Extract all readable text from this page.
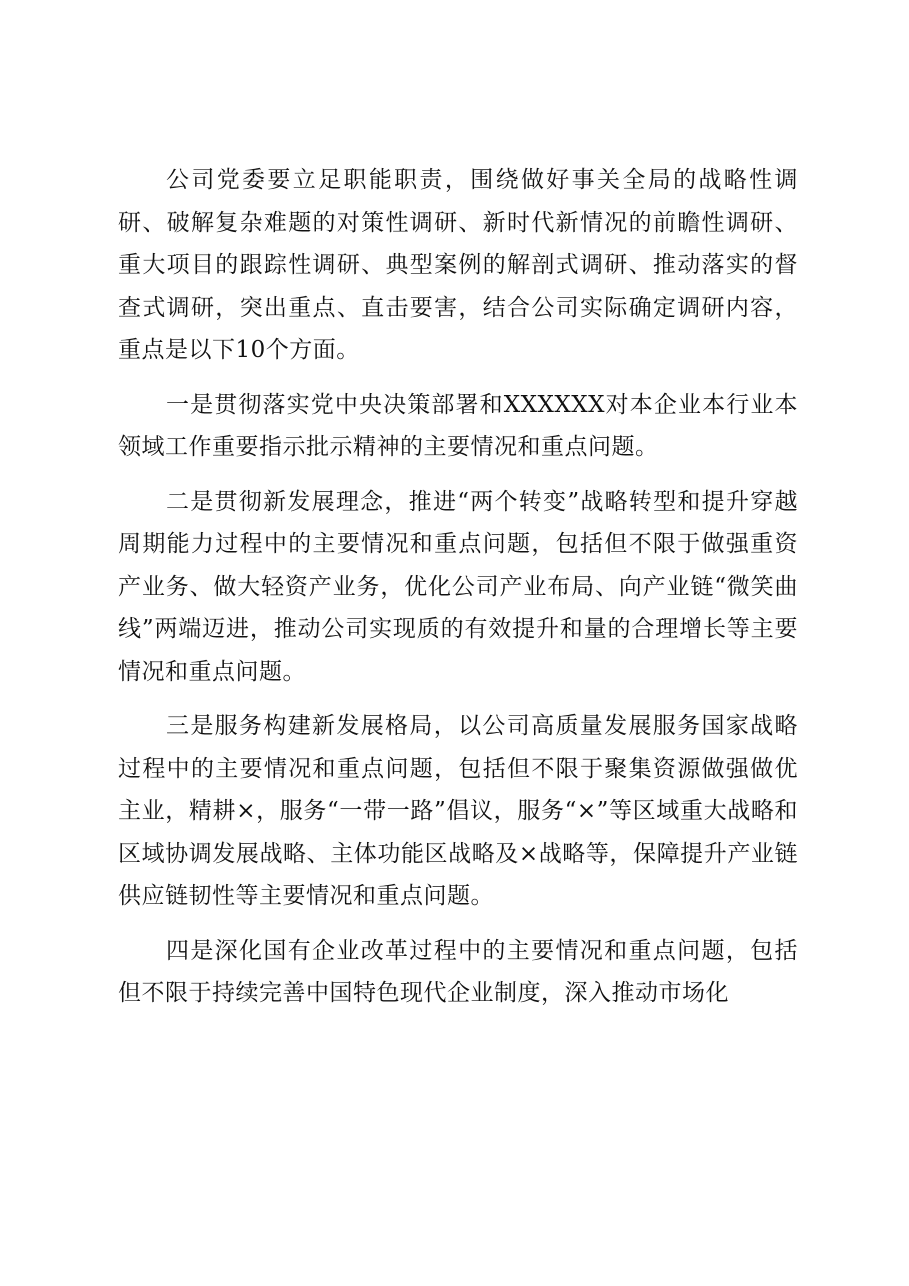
公司党委要立足职能职责，围绕做好事关全局的战略性调研、破解复杂难题的对策性调研、新时代新情况的前瞻性调研、重大项目的跟踪性调研、典型案例的解剖式调研、推动落实的督查式调研，突出重点、直击要害，结合公司实际确定调研内容，重点是以下10个方面。

一是贯彻落实党中央决策部署和XXXXXX对本企业本行业本领域工作重要指示批示精神的主要情况和重点问题。

二是贯彻新发展理念，推进“两个转变”战略转型和提升穿越周期能力过程中的主要情况和重点问题，包括但不限于做强重资产业务、做大轻资产业务，优化公司产业布局、向产业链“微笑曲线”两端迈进，推动公司实现质的有效提升和量的合理增长等主要情况和重点问题。

三是服务构建新发展格局，以公司高质量发展服务国家战略过程中的主要情况和重点问题，包括但不限于聚集资源做强做优主业，精耕×，服务“一带一路”倡议，服务“×”等区域重大战略和区域协调发展战略、主体功能区战略及×战略等，保障提升产业链供应链韧性等主要情况和重点问题。

四是深化国有企业改革过程中的主要情况和重点问题，包括但不限于持续完善中国特色现代企业制度，深入推动市场化
